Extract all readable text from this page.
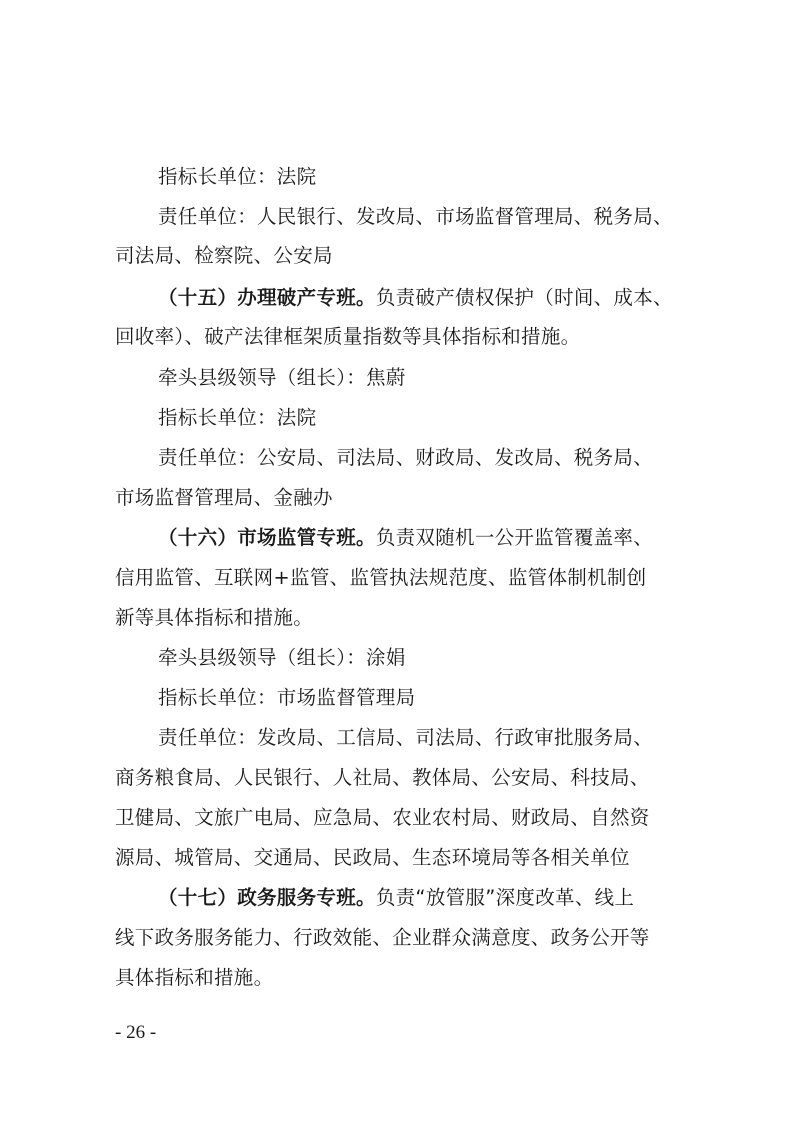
指标长单位：法院
责任单位：人民银行、发改局、市场监督管理局、税务局、
司法局、检察院、公安局
（十五）办理破产专班。负责破产债权保护（时间、成本、
回收率）、破产法律框架质量指数等具体指标和措施。
牵头县级领导（组长）：焦蔚
指标长单位：法院
责任单位：公安局、司法局、财政局、发改局、税务局、
市场监督管理局、金融办
（十六）市场监管专班。负责双随机一公开监管覆盖率、
信用监管、互联网+监管、监管执法规范度、监管体制机制创
新等具体指标和措施。
牵头县级领导（组长）：涂娟
指标长单位：市场监督管理局
责任单位：发改局、工信局、司法局、行政审批服务局、
商务粮食局、人民银行、人社局、教体局、公安局、科技局、
卫健局、文旅广电局、应急局、农业农村局、财政局、自然资
源局、城管局、交通局、民政局、生态环境局等各相关单位
（十七）政务服务专班。负责“放管服”深度改革、线上
线下政务服务能力、行政效能、企业群众满意度、政务公开等
具体指标和措施。
- 26 -
